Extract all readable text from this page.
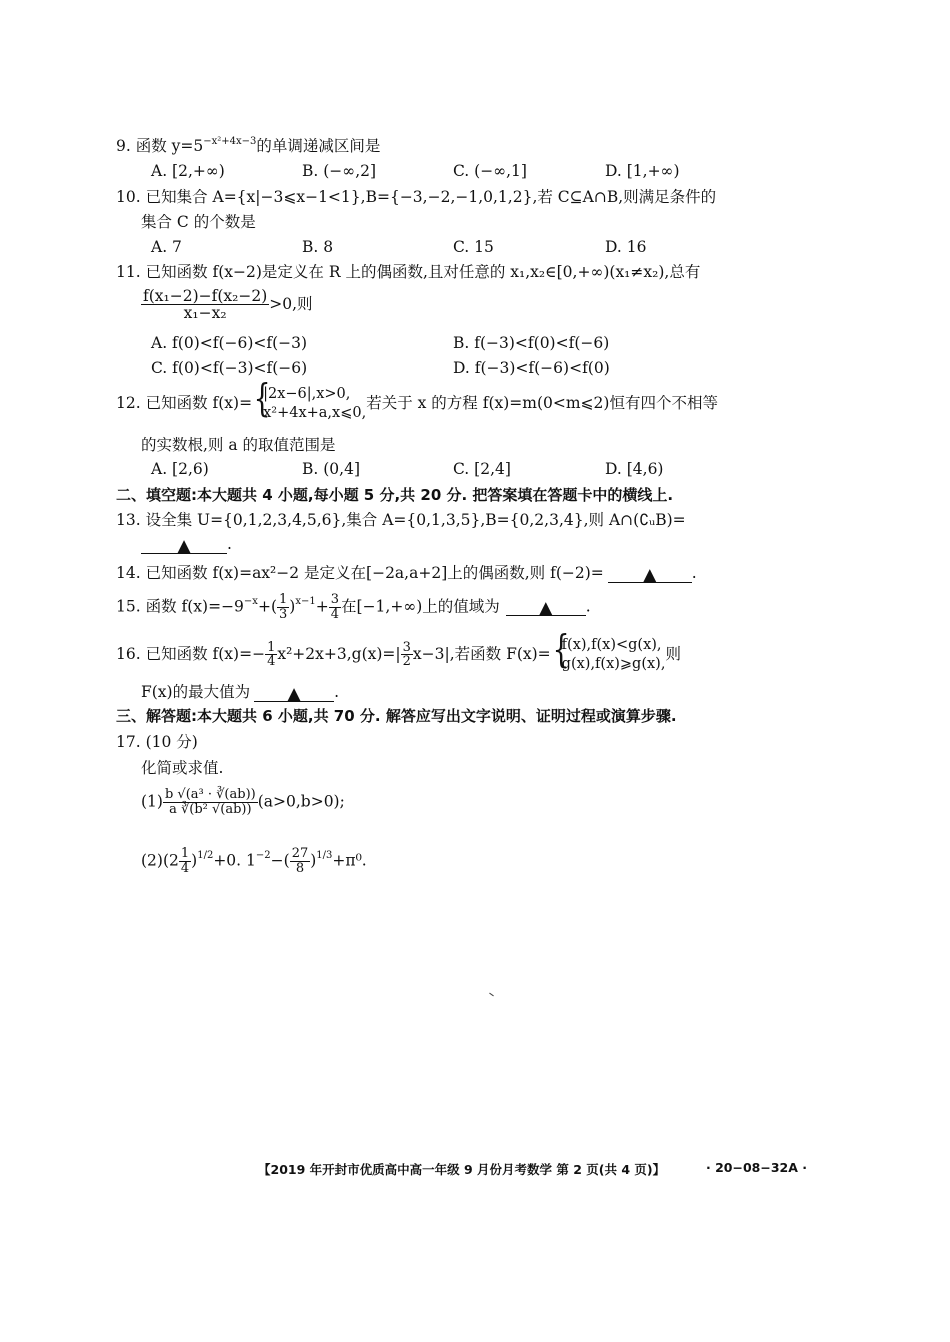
9. 函数 $y=5^{-x^2+4x-3}$的单调递减区间是
A. [2,+∞)	B. (−∞,2]	C. (−∞,1]	D. [1,+∞)
10. 已知集合 A={x|−3⩽x−1<1},B={−3,−2,−1,0,1,2},若 C⊆A∩B,则满足条件的
集合 C 的个数是
A. 7	B. 8	C. 15	D. 16
11. 已知函数 f(x−2)是定义在 R 上的偶函数,且对任意的 x₁,x₂∈[0,+∞)(x₁≠x₂),总有
$\frac{\text{f(x₁−2)−f(x₂−2)}}{\text{x₁−x₂}} >0$,则
A. f(0)<f(−6)<f(−3)	B. f(−3)<f(0)<f(−6)
C. f(0)<f(−3)<f(−6)	D. f(−3)<f(−6)<f(0)
12. 已知函数 f(x)=
{ |2x−6|,x>0,
x²+4x+a,x⩽0,
若关于 x 的方程 f(x)=m(0<m⩽2)恒有四个不相等
的实数根,则 a 的取值范围是
A. [2,6)	B. (0,4]	C. [2,4]	D. [4,6)
二、填空题:本大题共 4 小题,每小题 5 分,共 20 分. 把答案填在答题卡中的横线上.
13. 设全集 U={0,1,2,3,4,5,6},集合 A={0,1,3,5},B={0,2,3,4},则 A∩(∁ᵤB)=
▲ .
14. 已知函数 f(x)=ax²−2 是定义在[−2a,a+2]上的偶函数,则 f(−2)= ▲ .
15. 函数 $f(x)=-9^{-x}+( \frac{1}{3} )^{x-1}+ \frac{3}{4}$ 在[−1,+∞)上的值域为 ▲ .
16. 已知函数 $f(x)=- \frac{1}{4} x^2+2x+3,g(x)=| \frac{3}{2} x-3|$,若函数 F(x)=
{ f(x),f(x)<g(x),
g(x),f(x)⩾g(x),
则
F(x)的最大值为 ▲ .
三、解答题:本大题共 6 小题,共 70 分. 解答应写出文字说明、证明过程或演算步骤.
17. (10 分)
化简或求值.
$(1) \frac{\text{b √(a³ · ∛(ab))}}{\text{a ∛(b² √(ab))}} (a>0,b>0)$;
$(2)(2 \frac{1}{4} )^{1/2}+0$. $1^{-2}-( \frac{27}{8} )^{1/3}+\pi^0$.
【2019 年开封市优质高中高一年级 9 月份月考数学 第 2 页(共 4 页)】	· 20−08−32A ·
